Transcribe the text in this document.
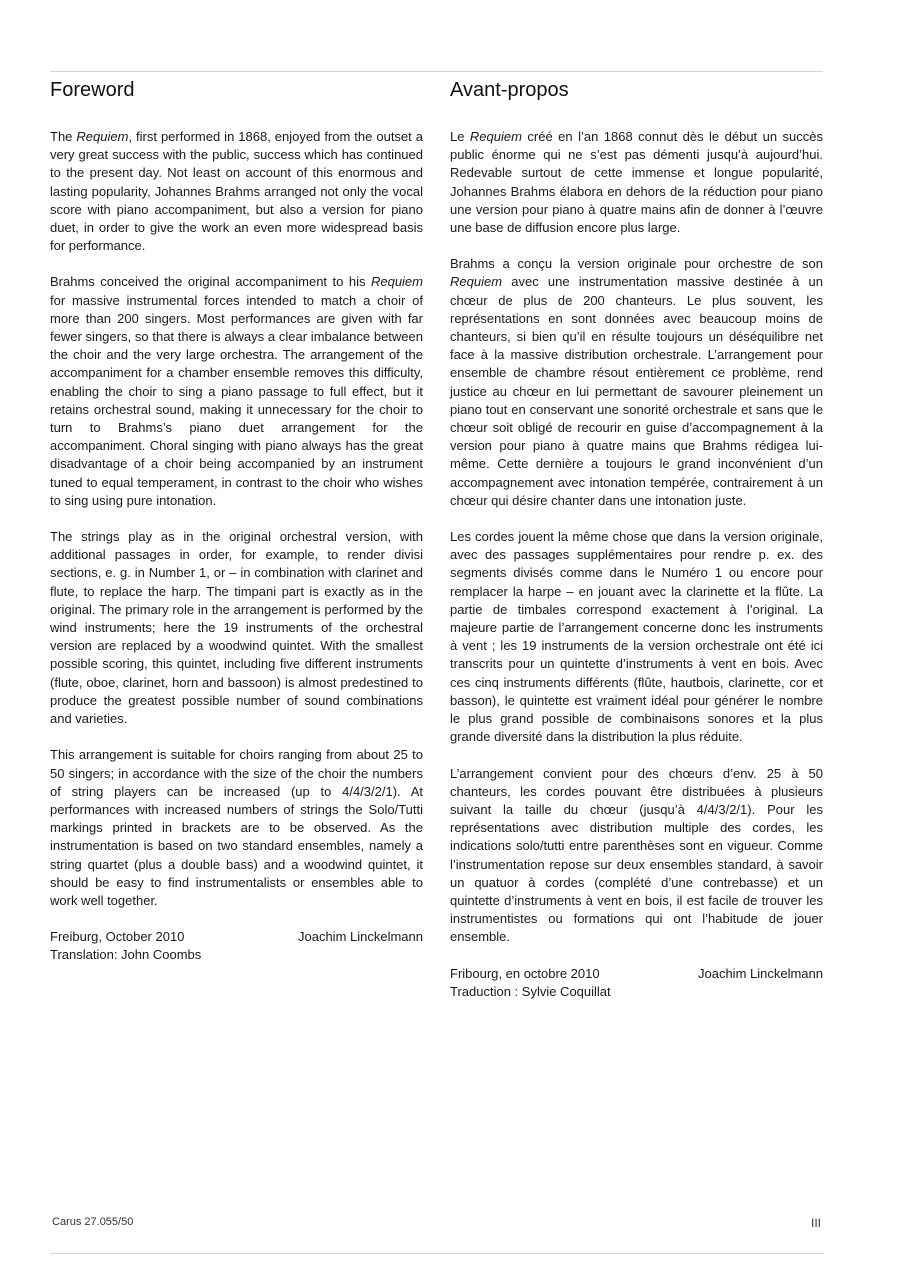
Foreword

The Requiem, first performed in 1868, enjoyed from the outset a very great success with the public, success which has continued to the present day. Not least on account of this enormous and lasting popularity, Johannes Brahms arranged not only the vocal score with piano accompaniment, but also a version for piano duet, in order to give the work an even more widespread basis for performance.

Brahms conceived the original accompaniment to his Requiem for massive instrumental forces intended to match a choir of more than 200 singers. Most performances are given with far fewer singers, so that there is always a clear imbalance between the choir and the very large orchestra. The arrangement of the accompaniment for a chamber ensemble removes this difficulty, enabling the choir to sing a piano passage to full effect, but it retains orchestral sound, making it unnecessary for the choir to turn to Brahms’s piano duet arrangement for the accompaniment. Choral singing with piano always has the great disadvantage of a choir being accompanied by an instrument tuned to equal temperament, in contrast to the choir who wishes to sing using pure intonation.

The strings play as in the original orchestral version, with additional passages in order, for example, to render divisi sections, e. g. in Number 1, or – in combination with clarinet and flute, to replace the harp. The timpani part is exactly as in the original. The primary role in the arrangement is performed by the wind instruments; here the 19 instruments of the orchestral version are replaced by a woodwind quintet. With the smallest possible scoring, this quintet, including five different instruments (flute, oboe, clarinet, horn and bassoon) is almost predestined to produce the greatest possible number of sound combinations and varieties.

This arrangement is suitable for choirs ranging from about 25 to 50 singers; in accordance with the size of the choir the numbers of string players can be increased (up to 4/4/3/2/1). At performances with increased numbers of strings the Solo/Tutti markings printed in brackets are to be observed. As the instrumentation is based on two standard ensembles, namely a string quartet (plus a double bass) and a woodwind quintet, it should be easy to find instrumentalists or ensembles able to work well together.

Freiburg, October 2010	Joachim Linckelmann
Translation: John Coombs
Avant-propos

Le Requiem créé en l’an 1868 connut dès le début un succès public énorme qui ne s’est pas démenti jusqu’à aujourd’hui. Redevable surtout de cette immense et longue popularité, Johannes Brahms élabora en dehors de la réduction pour piano une version pour piano à quatre mains afin de donner à l’œuvre une base de diffusion encore plus large.

Brahms a conçu la version originale pour orchestre de son Requiem avec une instrumentation massive destinée à un chœur de plus de 200 chanteurs. Le plus souvent, les représentations en sont données avec beaucoup moins de chanteurs, si bien qu’il en résulte toujours un déséquilibre net face à la massive distribution orchestrale. L’arrangement pour ensemble de chambre résout entièrement ce problème, rend justice au chœur en lui permettant de savourer pleinement un piano tout en conservant une sonorité orchestrale et sans que le chœur soit obligé de recourir en guise d’accompagnement à la version pour piano à quatre mains que Brahms rédigea lui-même. Cette dernière a toujours le grand inconvénient d’un accompagnement avec intonation tempérée, contrairement à un chœur qui désire chanter dans une intonation juste.

Les cordes jouent la même chose que dans la version originale, avec des passages supplémentaires pour rendre p. ex. des segments divisés comme dans le Numéro 1 ou encore pour remplacer la harpe – en jouant avec la clarinette et la flûte. La partie de timbales correspond exactement à l’original. La majeure partie de l’arrangement concerne donc les instruments à vent ; les 19 instruments de la version orchestrale ont été ici transcrits pour un quintette d’instruments à vent en bois. Avec ces cinq instruments différents (flûte, hautbois, clarinette, cor et basson), le quintette est vraiment idéal pour générer le nombre le plus grand possible de combinaisons sonores et la plus grande diversité dans la distribution la plus réduite.

L’arrangement convient pour des chœurs d’env. 25 à 50 chanteurs, les cordes pouvant être distribuées à plusieurs suivant la taille du chœur (jusqu’à 4/4/3/2/1). Pour les représentations avec distribution multiple des cordes, les indications solo/tutti entre parenthèses sont en vigueur. Comme l’instrumentation repose sur deux ensembles standard, à savoir un quatuor à cordes (complété d’une contrebasse) et un quintette d’instruments à vent en bois, il est facile de trouver les instrumentistes ou formations qui ont l’habitude de jouer ensemble.

Fribourg, en octobre 2010	Joachim Linckelmann
Traduction : Sylvie Coquillat
Carus 27.055/50	III
